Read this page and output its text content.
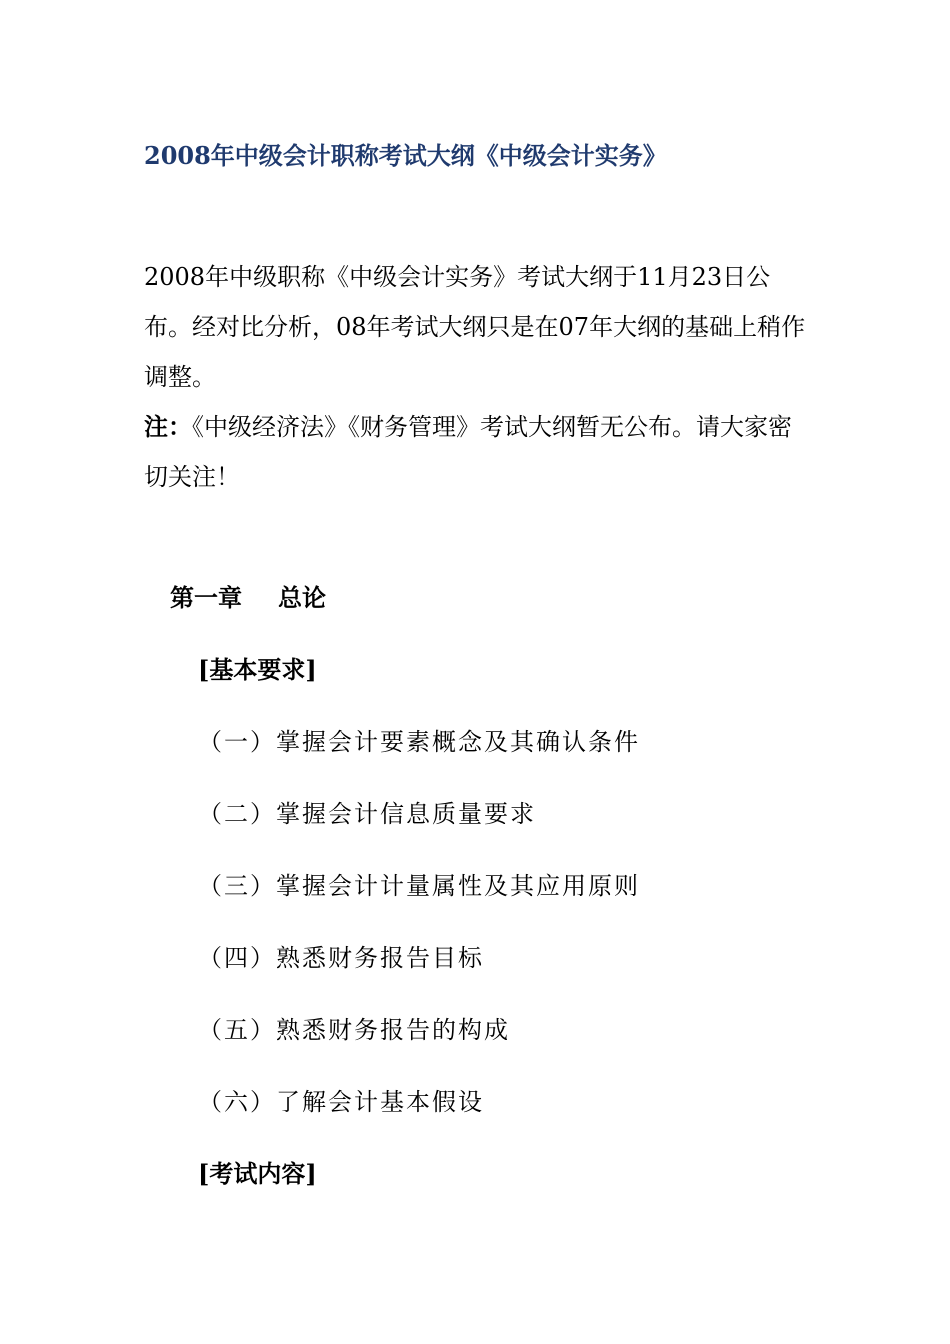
2008年中级会计职称考试大纲《中级会计实务》

2008年中级职称《中级会计实务》考试大纲于11月23日公布。经对比分析，08年考试大纲只是在07年大纲的基础上稍作调整。

注：《中级经济法》《财务管理》考试大纲暂无公布。请大家密切关注！

第一章 总论
[基本要求]
（一）掌握会计要素概念及其确认条件
（二）掌握会计信息质量要求
（三）掌握会计计量属性及其应用原则
（四）熟悉财务报告目标
（五）熟悉财务报告的构成
（六）了解会计基本假设
[考试内容]
